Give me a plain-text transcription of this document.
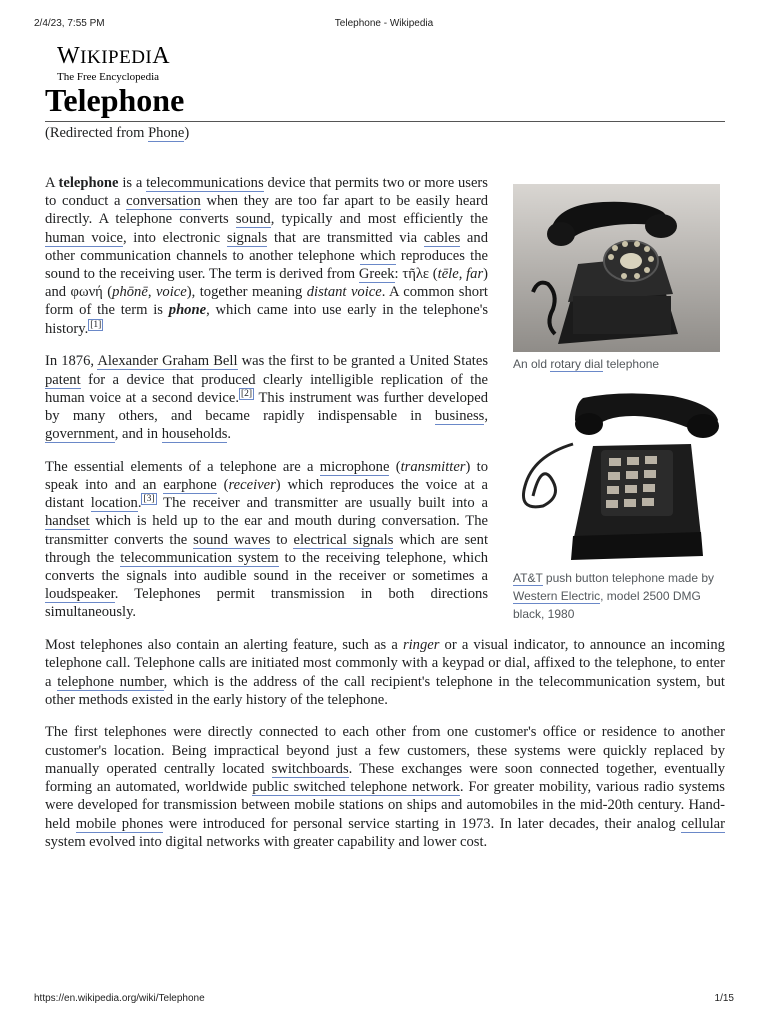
2/4/23, 7:55 PM	Telephone - Wikipedia
WIKIPEDIA
The Free Encyclopedia
Telephone
(Redirected from Phone)

A telephone is a telecommunications device that permits two or more users to conduct a conversation when they are too far apart to be easily heard directly. A telephone converts sound, typically and most efficiently the human voice, into electronic signals that are transmitted via cables and other communication channels to another telephone which reproduces the sound to the receiving user. The term is derived from Greek: τῆλε (tēle, far) and φωνή (phōnē, voice), together meaning distant voice. A common short form of the term is phone, which came into use early in the telephone's history. [1]

In 1876, Alexander Graham Bell was the first to be granted a United States patent for a device that produced clearly intelligible replication of the human voice at a second device. [2] This instrument was further developed by many others, and became rapidly indispensable in business, government, and in households.

The essential elements of a telephone are a microphone (transmitter) to speak into and an earphone (receiver) which reproduces the voice at a distant location. [3] The receiver and transmitter are usually built into a handset which is held up to the ear and mouth during conversation. The transmitter converts the sound waves to electrical signals which are sent through the telecommunication system to the receiving telephone, which converts the signals into audible sound in the receiver or sometimes a loudspeaker. Telephones permit transmission in both directions simultaneously.

Most telephones also contain an alerting feature, such as a ringer or a visual indicator, to announce an incoming telephone call. Telephone calls are initiated most commonly with a keypad or dial, affixed to the telephone, to enter a telephone number, which is the address of the call recipient's telephone in the telecommunication system, but other methods existed in the early history of the telephone.

The first telephones were directly connected to each other from one customer's office or residence to another customer's location. Being impractical beyond just a few customers, these systems were quickly replaced by manually operated centrally located switchboards. These exchanges were soon connected together, eventually forming an automated, worldwide public switched telephone network. For greater mobility, various radio systems were developed for transmission between mobile stations on ships and automobiles in the mid-20th century. Hand-held mobile phones were introduced for personal service starting in 1973. In later decades, their analog cellular system evolved into digital networks with greater capability and lower cost.

An old rotary dial telephone
AT&T push button telephone made by Western Electric, model 2500 DMG black, 1980
https://en.wikipedia.org/wiki/Telephone	1/15
